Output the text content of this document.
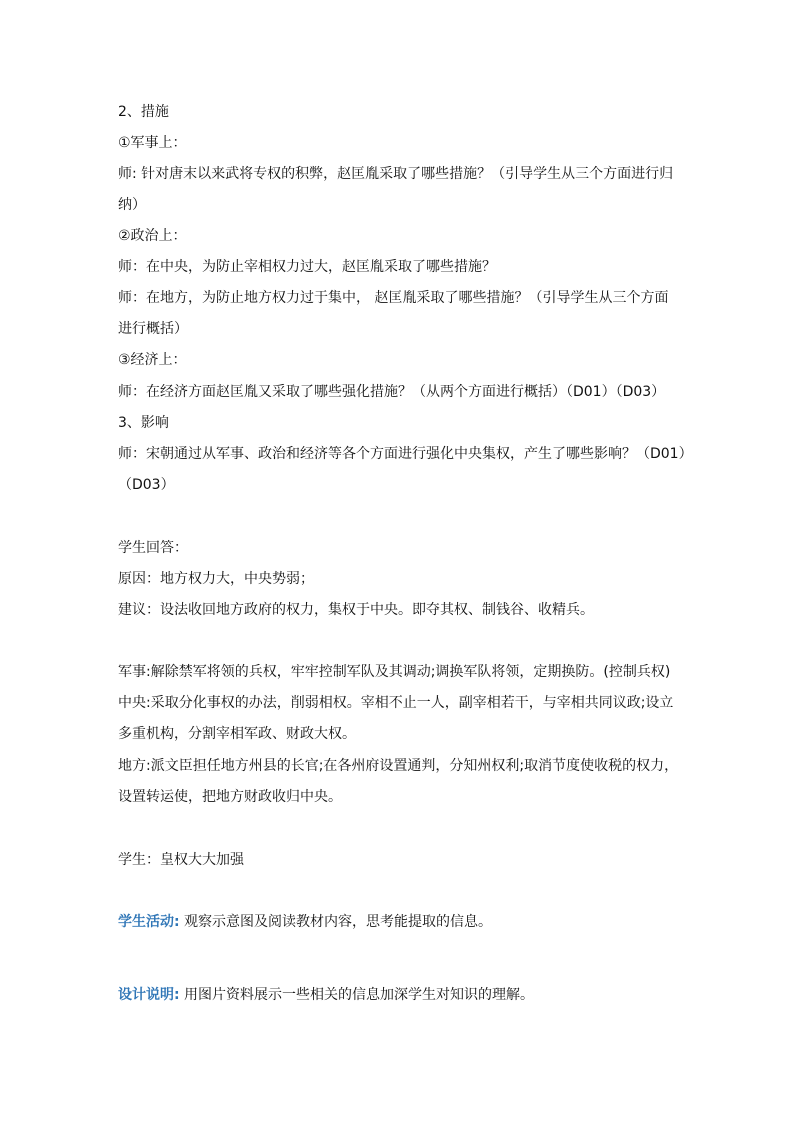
2、措施
①军事上：
师: 针对唐末以来武将专权的积弊，赵匡胤采取了哪些措施？（引导学生从三个方面进行归
纳）
②政治上：
师：在中央，为防止宰相权力过大，赵匡胤采取了哪些措施？
师：在地方，为防止地方权力过于集中， 赵匡胤采取了哪些措施？（引导学生从三个方面
进行概括）
③经济上：
师：在经济方面赵匡胤又采取了哪些强化措施？（从两个方面进行概括）（D01）（D03）
3、影响
师：宋朝通过从军事、政治和经济等各个方面进行强化中央集权，产生了哪些影响？（D01）
（D03）
学生回答：
原因：地方权力大，中央势弱；
建议：设法收回地方政府的权力，集权于中央。即夺其权、制钱谷、收精兵。
军事:解除禁军将领的兵权，牢牢控制军队及其调动;调换军队将领，定期换防。(控制兵权)
中央:采取分化事权的办法，削弱相权。宰相不止一人，副宰相若干，与宰相共同议政;设立
多重机构，分割宰相军政、财政大权。
地方:派文臣担任地方州县的长官;在各州府设置通判，分知州权利;取消节度使收税的权力，
设置转运使，把地方财政收归中央。
学生：皇权大大加强
学生活动: 观察示意图及阅读教材内容，思考能提取的信息。
设计说明: 用图片资料展示一些相关的信息加深学生对知识的理解。
